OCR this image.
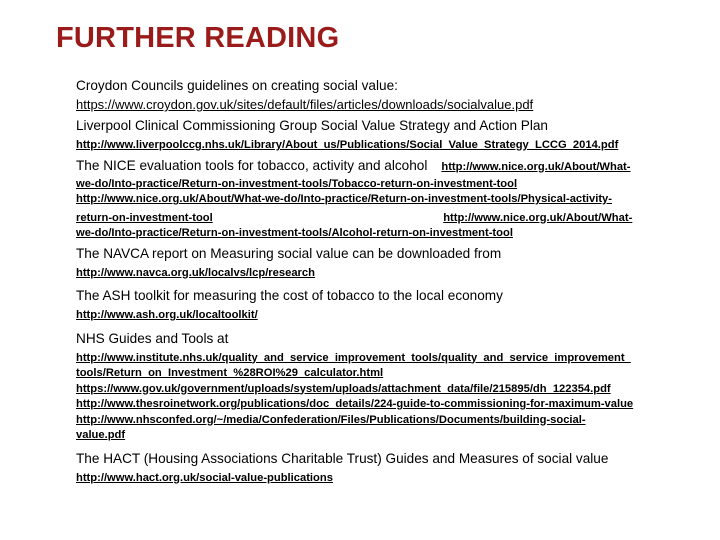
FURTHER READING
Croydon Councils guidelines on creating social value:
https://www.croydon.gov.uk/sites/default/files/articles/downloads/socialvalue.pdf
Liverpool Clinical Commissioning Group Social Value Strategy and Action Plan
http://www.liverpoolccg.nhs.uk/Library/About_us/Publications/Social_Value_Strategy_LCCG_2014.pdf
The NICE evaluation tools for tobacco, activity and alcohol http://www.nice.org.uk/About/What-
we-do/Into-practice/Return-on-investment-tools/Tobacco-return-on-investment-tool
http://www.nice.org.uk/About/What-we-do/Into-practice/Return-on-investment-tools/Physical-activity-
return-on-investment-tool	http://www.nice.org.uk/About/What-
we-do/Into-practice/Return-on-investment-tools/Alcohol-return-on-investment-tool
The NAVCA report on Measuring social value can be downloaded from
http://www.navca.org.uk/localvs/lcp/research
The ASH toolkit for measuring the cost of tobacco to the local economy
http://www.ash.org.uk/localtoolkit/
NHS Guides and Tools at
http://www.institute.nhs.uk/quality_and_service_improvement_tools/quality_and_service_improvement_
tools/Return_on_Investment_%28ROI%29_calculator.html
https://www.gov.uk/government/uploads/system/uploads/attachment_data/file/215895/dh_122354.pdf
http://www.thesroinetwork.org/publications/doc_details/224-guide-to-commissioning-for-maximum-value
http://www.nhsconfed.org/~/media/Confederation/Files/Publications/Documents/building-social-
value.pdf
The HACT (Housing Associations Charitable Trust) Guides and Measures of social value
http://www.hact.org.uk/social-value-publications
